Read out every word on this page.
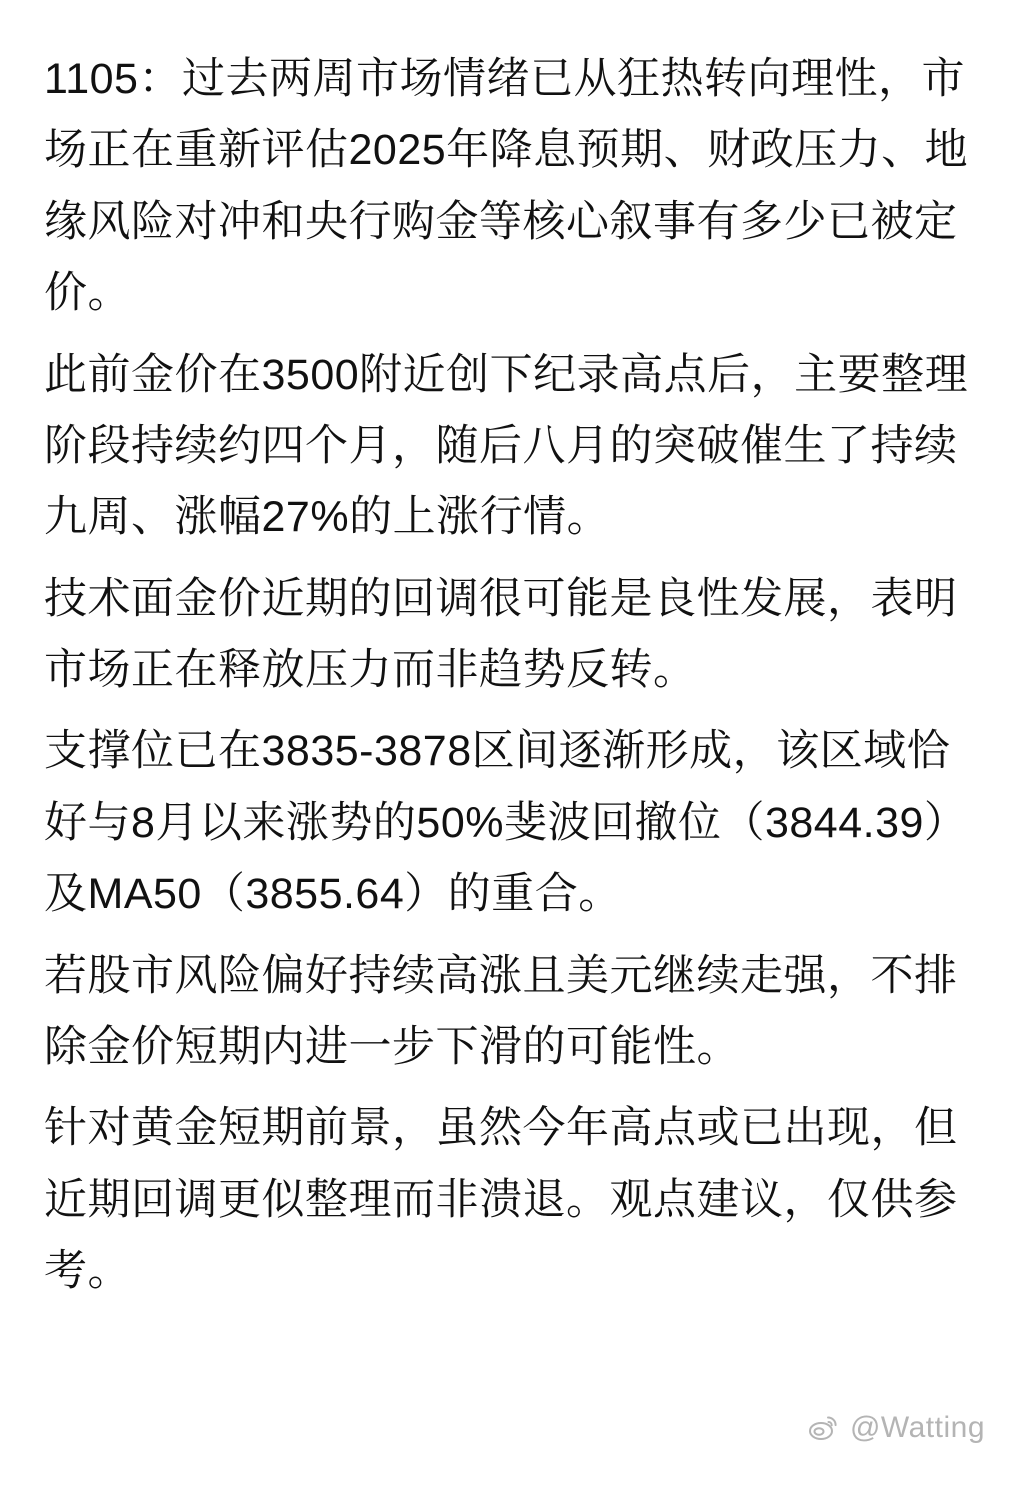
1105：过去两周市场情绪已从狂热转向理性，市场正在重新评估2025年降息预期、财政压力、地缘风险对冲和央行购金等核心叙事有多少已被定价。

此前金价在3500附近创下纪录高点后，主要整理阶段持续约四个月，随后八月的突破催生了持续九周、涨幅27%的上涨行情。

技术面金价近期的回调很可能是良性发展，表明市场正在释放压力而非趋势反转。

支撑位已在3835-3878区间逐渐形成，该区域恰好与8月以来涨势的50%斐波回撤位（3844.39）及MA50（3855.64）的重合。

若股市风险偏好持续高涨且美元继续走强，不排除金价短期内进一步下滑的可能性。

针对黄金短期前景，虽然今年高点或已出现，但近期回调更似整理而非溃退。观点建议，仅供参考。

@Watting
